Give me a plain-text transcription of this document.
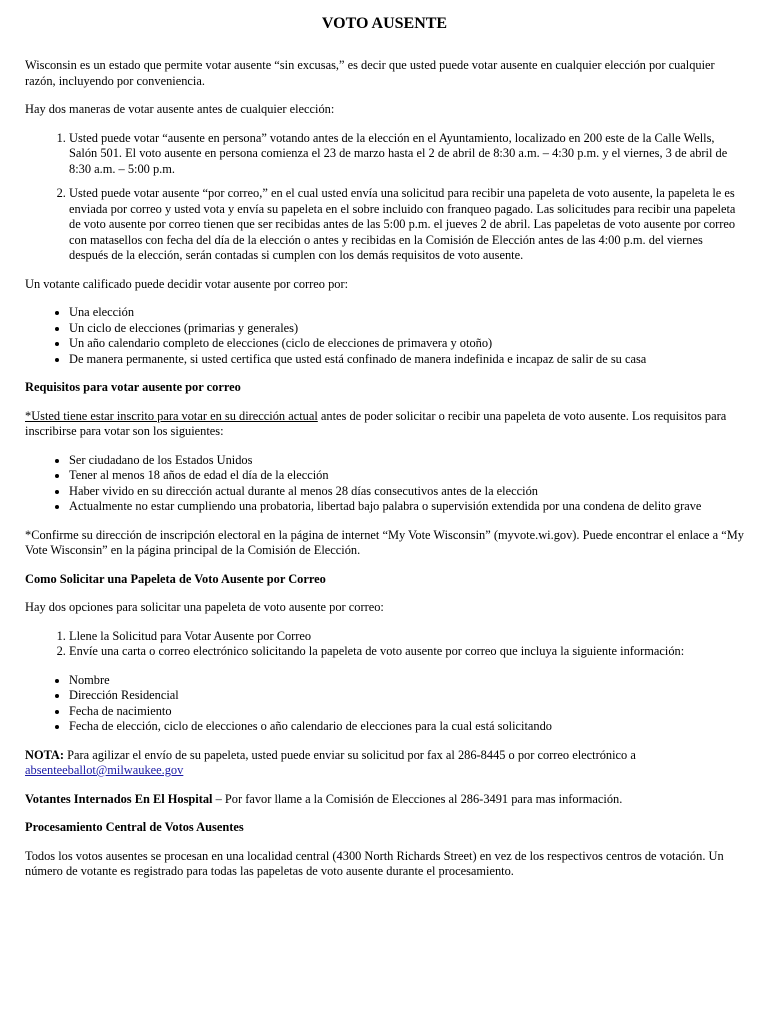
VOTO AUSENTE

Wisconsin es un estado que permite votar ausente “sin excusas,” es decir que usted puede votar ausente en cualquier elección por cualquier razón, incluyendo por conveniencia.

Hay dos maneras de votar ausente antes de cualquier elección:

1. Usted puede votar “ausente en persona” votando antes de la elección en el Ayuntamiento, localizado en 200 este de la Calle Wells, Salón 501. El voto ausente en persona comienza el 23 de marzo hasta el 2 de abril de 8:30 a.m. – 4:30 p.m. y el viernes, 3 de abril de 8:30 a.m. – 5:00 p.m.
2. Usted puede votar ausente “por correo,” en el cual usted envía una solicitud para recibir una papeleta de voto ausente, la papeleta le es enviada por correo y usted vota y envía su papeleta en el sobre incluido con franqueo pagado. Las solicitudes para recibir una papeleta de voto ausente por correo tienen que ser recibidas antes de las 5:00 p.m. el jueves 2 de abril. Las papeletas de voto ausente por correo con matasellos con fecha del día de la elección o antes y recibidas en la Comisión de Elección antes de las 4:00 p.m. del viernes después de la elección, serán contadas si cumplen con los demás requisitos de voto ausente.

Un votante calificado puede decidir votar ausente por correo por:

• Una elección
• Un ciclo de elecciones (primarias y generales)
• Un año calendario completo de elecciones (ciclo de elecciones de primavera y otoño)
• De manera permanente, si usted certifica que usted está confinado de manera indefinida e incapaz de salir de su casa

Requisitos para votar ausente por correo

*Usted tiene estar inscrito para votar en su dirección actual antes de poder solicitar o recibir una papeleta de voto ausente. Los requisitos para inscribirse para votar son los siguientes:

• Ser ciudadano de los Estados Unidos
• Tener al menos 18 años de edad el día de la elección
• Haber vivido en su dirección actual durante al menos 28 días consecutivos antes de la elección
• Actualmente no estar cumpliendo una probatoria, libertad bajo palabra o supervisión extendida por una condena de delito grave

*Confirme su dirección de inscripción electoral en la página de internet “My Vote Wisconsin” (myvote.wi.gov). Puede encontrar el enlace a “My Vote Wisconsin” en la página principal de la Comisión de Elección.

Como Solicitar una Papeleta de Voto Ausente por Correo

Hay dos opciones para solicitar una papeleta de voto ausente por correo:

1. Llene la Solicitud para Votar Ausente por Correo
2. Envíe una carta o correo electrónico solicitando la papeleta de voto ausente por correo que incluya la siguiente información:
• Nombre
• Dirección Residencial
• Fecha de nacimiento
• Fecha de elección, ciclo de elecciones o año calendario de elecciones para la cual está solicitando

NOTA: Para agilizar el envío de su papeleta, usted puede enviar su solicitud por fax al 286-8445 o por correo electrónico a absenteeballot@milwaukee.gov

Votantes Internados En El Hospital – Por favor llame a la Comisión de Elecciones al 286-3491 para mas información.

Procesamiento Central de Votos Ausentes

Todos los votos ausentes se procesan en una localidad central (4300 North Richards Street) en vez de los respectivos centros de votación. Un número de votante es registrado para todas las papeletas de voto ausente durante el procesamiento.
